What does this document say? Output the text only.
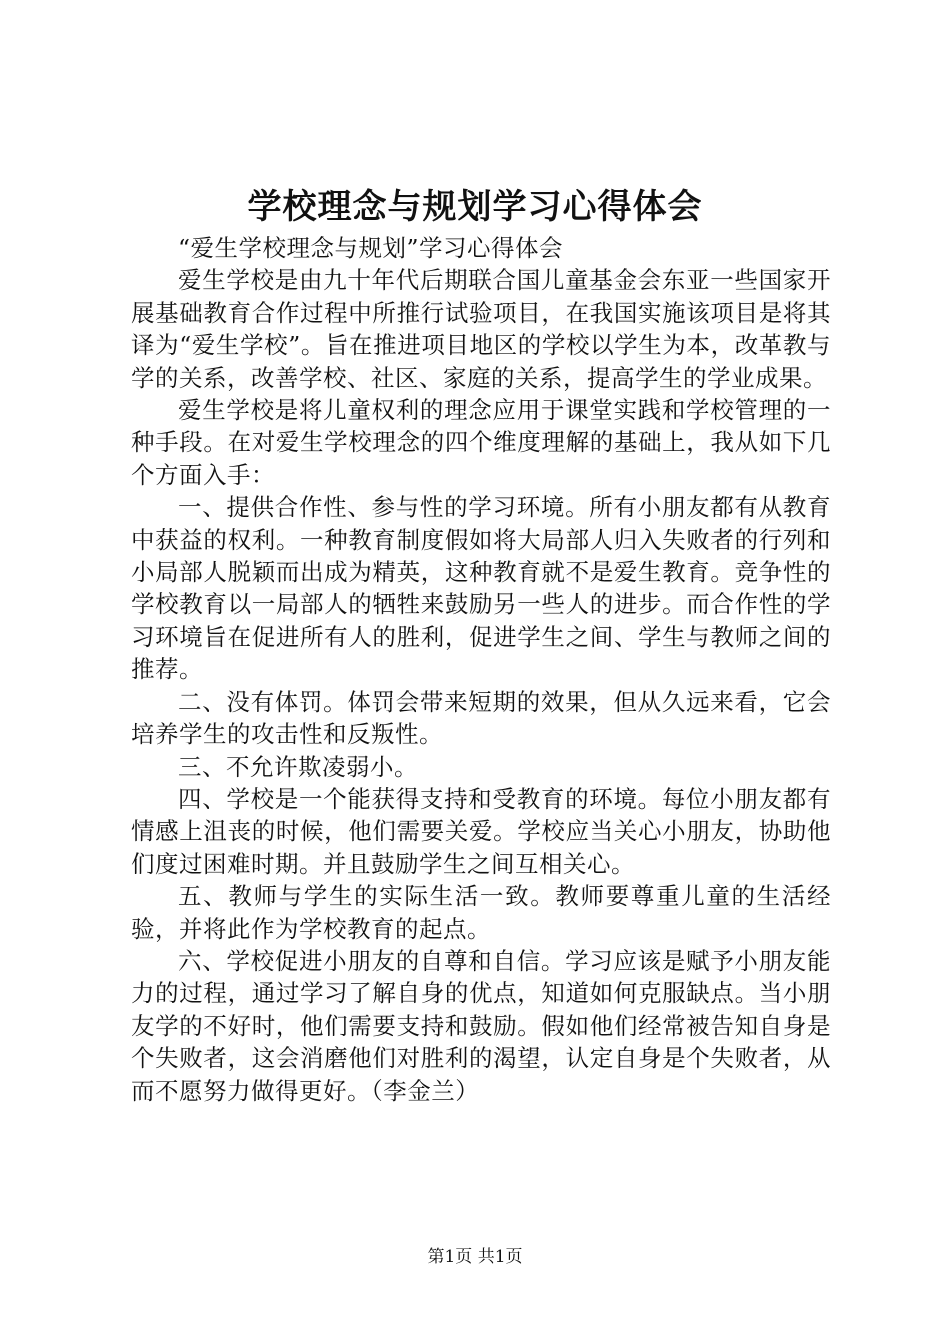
学校理念与规划学习心得体会

“爱生学校理念与规划”学习心得体会

爱生学校是由九十年代后期联合国儿童基金会东亚一些国家开展基础教育合作过程中所推行试验项目，在我国实施该项目是将其译为“爱生学校”。旨在推进项目地区的学校以学生为本，改革教与学的关系，改善学校、社区、家庭的关系，提高学生的学业成果。

爱生学校是将儿童权利的理念应用于课堂实践和学校管理的一种手段。在对爱生学校理念的四个维度理解的基础上，我从如下几个方面入手：

一、提供合作性、参与性的学习环境。所有小朋友都有从教育中获益的权利。一种教育制度假如将大局部人归入失败者的行列和小局部人脱颖而出成为精英，这种教育就不是爱生教育。竞争性的学校教育以一局部人的牺牲来鼓励另一些人的进步。而合作性的学习环境旨在促进所有人的胜利，促进学生之间、学生与教师之间的推荐。

二、没有体罚。体罚会带来短期的效果，但从久远来看，它会培养学生的攻击性和反叛性。

三、不允许欺凌弱小。

四、学校是一个能获得支持和受教育的环境。每位小朋友都有情感上沮丧的时候，他们需要关爱。学校应当关心小朋友，协助他们度过困难时期。并且鼓励学生之间互相关心。

五、教师与学生的实际生活一致。教师要尊重儿童的生活经验，并将此作为学校教育的起点。

六、学校促进小朋友的自尊和自信。学习应该是赋予小朋友能力的过程，通过学习了解自身的优点，知道如何克服缺点。当小朋友学的不好时，他们需要支持和鼓励。假如他们经常被告知自身是个失败者，这会消磨他们对胜利的渴望，认定自身是个失败者，从而不愿努力做得更好。（李金兰）

第1页 共1页
